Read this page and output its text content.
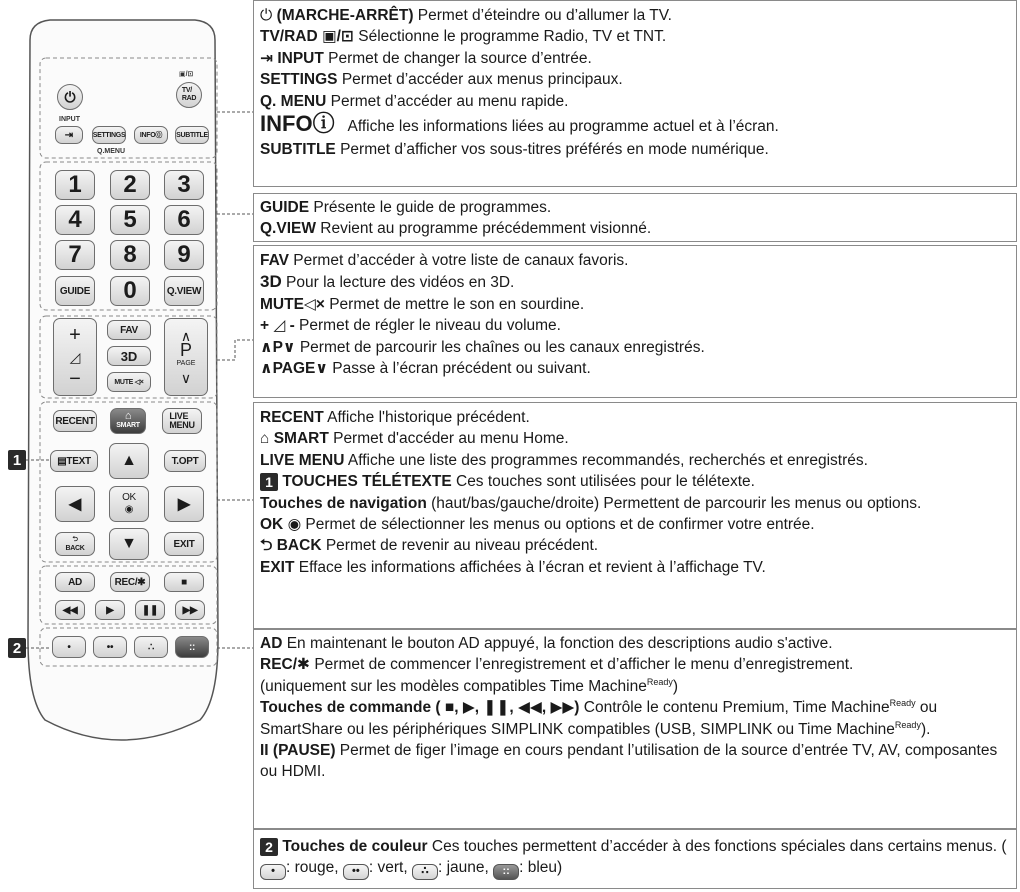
⏻
▣/⊡
TV/
RAD
INPUT
⇥	SETTINGS
Q.MENU
INFO⓪	SUBTITLE
1	2	3
4	5	6
7	8	9
GUIDE	0	Q.VIEW
+
◿
−
FAV
3D
MUTE
◁×
∧
P
PAGE
∨
RECENT	⌂
SMART
LIVE
MENU
▤ TEXT	T.OPT
▲
◀	OK
◉	▶
⮌
BACK ▼	EXIT
AD	REC/✱	■
◀◀	▶	❚❚ ▶▶
•	••	∴	::
1
2
⏻ (MARCHE-ARRÊT) Permet d’éteindre ou d’allumer la TV.
TV/RAD ▣/⊡ Sélectionne le programme Radio, TV et TNT.
⇥ INPUT Permet de changer la source d’entrée.
SETTINGS Permet d’accéder aux menus principaux.
Q. MENU Permet d’accéder au menu rapide.
INFOⓘ Affiche les informations liées au programme actuel et à l’écran.
SUBTITLE Permet d’afficher vos sous-titres préférés en mode numérique.
GUIDE Présente le guide de programmes.
Q.VIEW Revient au programme précédemment visionné.
FAV Permet d’accéder à votre liste de canaux favoris.
3D Pour la lecture des vidéos en 3D.
MUTE◁× Permet de mettre le son en sourdine.
+ ◿ - Permet de régler le niveau du volume.
∧P∨ Permet de parcourir les chaînes ou les canaux enregistrés.
∧PAGE∨ Passe à l’écran précédent ou suivant.
RECENT Affiche l'historique précédent.
⌂ SMART Permet d'accéder au menu Home.
LIVE MENU Affiche une liste des programmes recommandés, recherchés et enregistrés.
1 TOUCHES TÉLÉTEXTE Ces touches sont utilisées pour le télétexte.
Touches de navigation (haut/bas/gauche/droite) Permettent de parcourir les menus ou options.
OK ◉ Permet de sélectionner les menus ou options et de confirmer votre entrée.
⮌ BACK Permet de revenir au niveau précédent.
EXIT Efface les informations affichées à l’écran et revient à l’affichage TV.
AD En maintenant le bouton AD appuyé, la fonction des descriptions audio s'active.
REC/✱ Permet de commencer l’enregistrement et d’afficher le menu d’enregistrement.
(uniquement sur les modèles compatibles Time Machine$^{Ready}$)
Touches de commande ( ■, ▶, ❚❚, ◀◀, ▶▶) Contrôle le contenu Premium, Time Machine$^{Ready}$ ou SmartShare ou les périphériques SIMPLINK compatibles (USB, SIMPLINK ou Time Machine$^{Ready}$).
II (PAUSE) Permet de figer l’image en cours pendant l’utilisation de la source d’entrée TV, AV, composantes ou HDMI.
2 Touches de couleur Ces touches permettent d’accéder à des fonctions spéciales dans certains menus. (• : rouge, •• : vert, ∴ : jaune, :: : bleu)
